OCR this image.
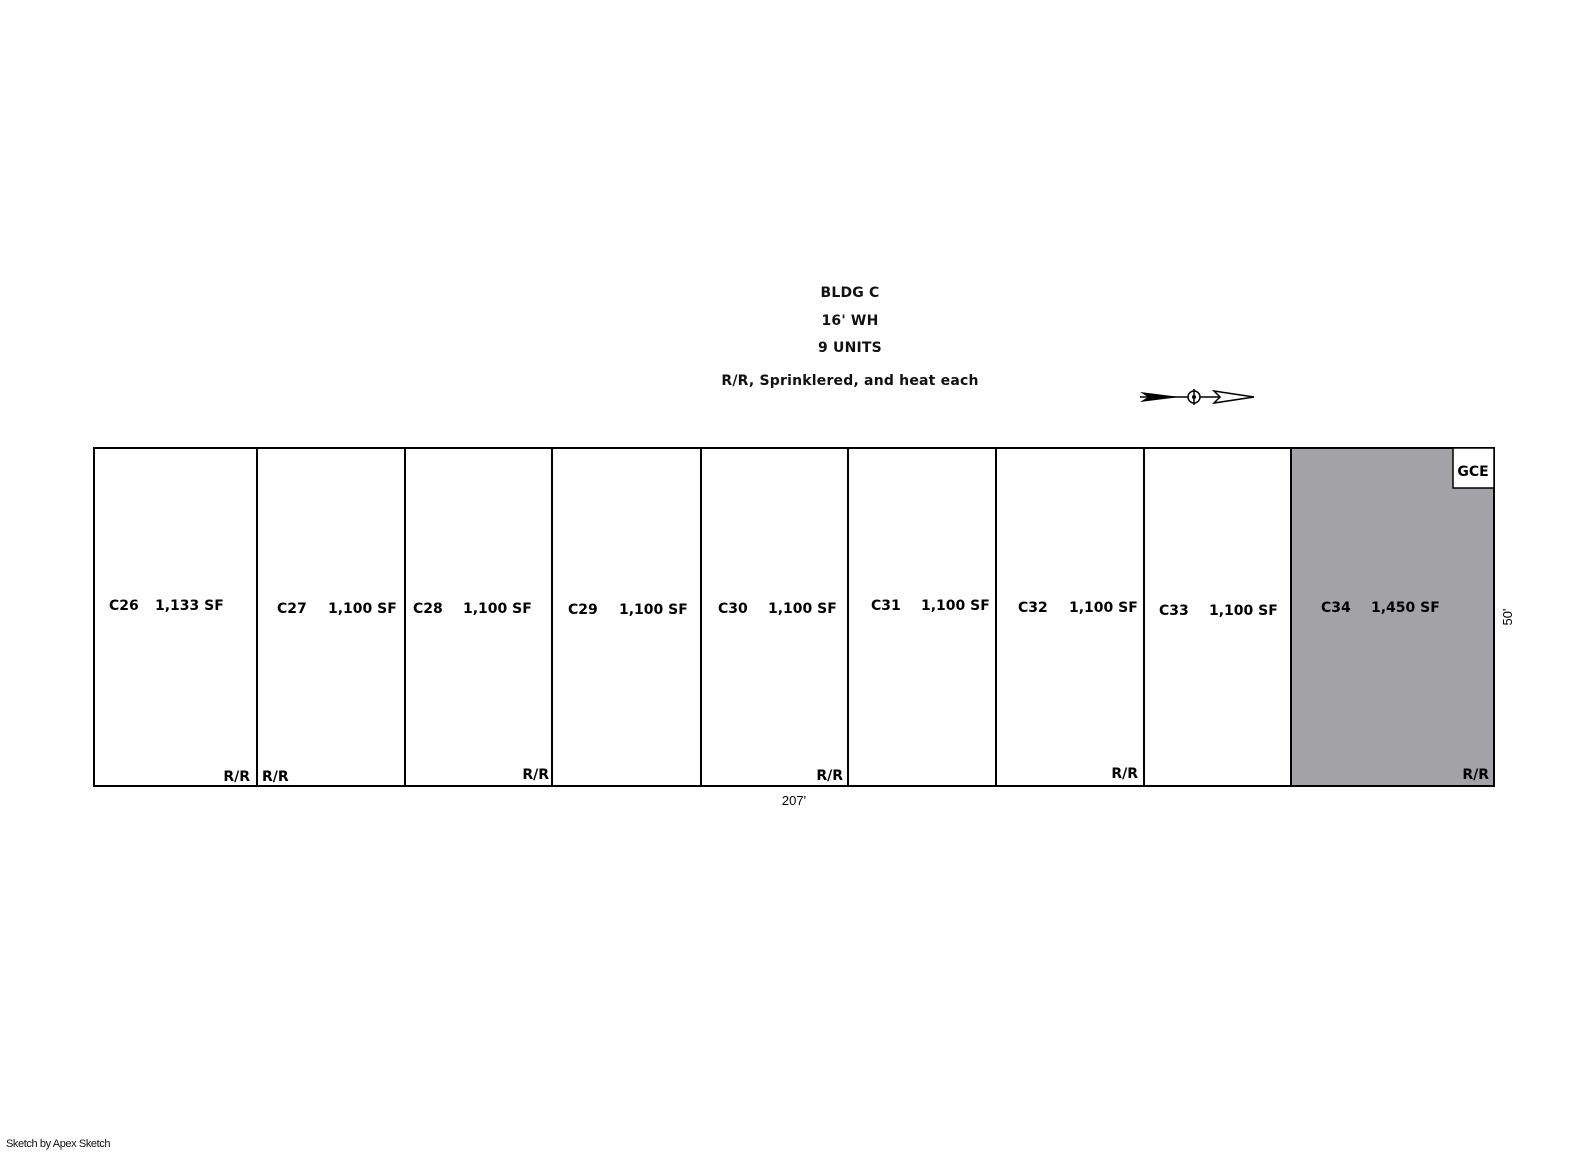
BLDG C
16' WH
9 UNITS
R/R, Sprinklered, and heat each
C26 1,133 SF
R/R
C27 1,100 SF
R/R
C28 1,100 SF
R/R
C29 1,100 SF C30 1,100 SF
R/R
C31 1,100 SF C32 1,100 SF
R/R
C33 1,100 SF	C34 1,450 SF
R/R
GCE
207'
50'
Sketch by Apex Sketch
